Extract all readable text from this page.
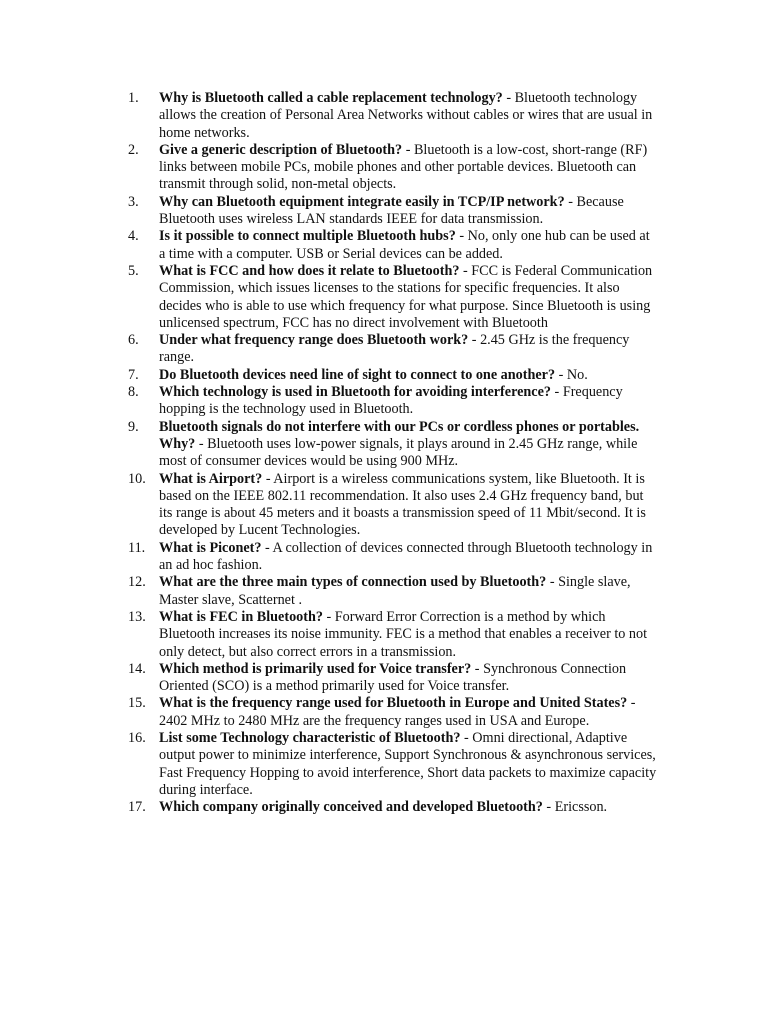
1.	Why is Bluetooth called a cable replacement technology? - Bluetooth technology allows the creation of Personal Area Networks without cables or wires that are usual in home networks.
2.	Give a generic description of Bluetooth? - Bluetooth is a low-cost, short-range (RF) links between mobile PCs, mobile phones and other portable devices. Bluetooth can transmit through solid, non-metal objects.
3.	Why can Bluetooth equipment integrate easily in TCP/IP network? - Because Bluetooth uses wireless LAN standards IEEE for data transmission.
4.	Is it possible to connect multiple Bluetooth hubs? - No, only one hub can be used at a time with a computer. USB or Serial devices can be added.
5.	What is FCC and how does it relate to Bluetooth? - FCC is Federal Communication Commission, which issues licenses to the stations for specific frequencies. It also decides who is able to use which frequency for what purpose. Since Bluetooth is using unlicensed spectrum, FCC has no direct involvement with Bluetooth
6.	Under what frequency range does Bluetooth work? - 2.45 GHz is the frequency range.
7.	Do Bluetooth devices need line of sight to connect to one another? - No.
8.	Which technology is used in Bluetooth for avoiding interference? - Frequency hopping is the technology used in Bluetooth.
9.	Bluetooth signals do not interfere with our PCs or cordless phones or portables. Why? - Bluetooth uses low-power signals, it plays around in 2.45 GHz range, while most of consumer devices would be using 900 MHz.
10. What is Airport? - Airport is a wireless communications system, like Bluetooth. It is based on the IEEE 802.11 recommendation. It also uses 2.4 GHz frequency band, but its range is about 45 meters and it boasts a transmission speed of 11 Mbit/second. It is developed by Lucent Technologies.
11. What is Piconet? - A collection of devices connected through Bluetooth technology in an ad hoc fashion.
12. What are the three main types of connection used by Bluetooth? - Single slave, Master slave, Scatternet .
13. What is FEC in Bluetooth? - Forward Error Correction is a method by which Bluetooth increases its noise immunity. FEC is a method that enables a receiver to not only detect, but also correct errors in a transmission.
14. Which method is primarily used for Voice transfer? - Synchronous Connection Oriented (SCO) is a method primarily used for Voice transfer.
15. What is the frequency range used for Bluetooth in Europe and United States? - 2402 MHz to 2480 MHz are the frequency ranges used in USA and Europe.
16. List some Technology characteristic of Bluetooth? - Omni directional, Adaptive output power to minimize interference, Support Synchronous & asynchronous services, Fast Frequency Hopping to avoid interference, Short data packets to maximize capacity during interface.
17. Which company originally conceived and developed Bluetooth? - Ericsson.
